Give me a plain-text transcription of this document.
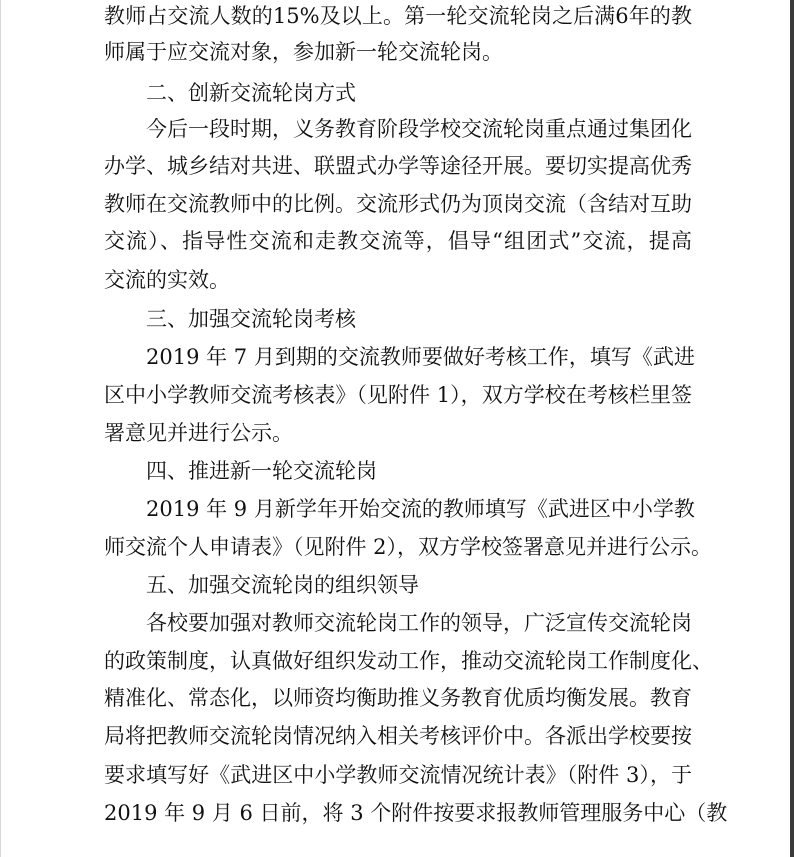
教师占交流人数的15%及以上。第一轮交流轮岗之后满6年的教
师属于应交流对象，参加新一轮交流轮岗。
二、创新交流轮岗方式
今后一段时期，义务教育阶段学校交流轮岗重点通过集团化
办学、城乡结对共进、联盟式办学等途径开展。要切实提高优秀
教师在交流教师中的比例。交流形式仍为顶岗交流（含结对互助
交流）、指导性交流和走教交流等，倡导“组团式”交流，提高
交流的实效。
三、加强交流轮岗考核
2019 年 7 月到期的交流教师要做好考核工作，填写《武进
区中小学教师交流考核表》（见附件 1），双方学校在考核栏里签
署意见并进行公示。
四、推进新一轮交流轮岗
2019 年 9 月新学年开始交流的教师填写《武进区中小学教
师交流个人申请表》（见附件 2），双方学校签署意见并进行公示。
五、加强交流轮岗的组织领导
各校要加强对教师交流轮岗工作的领导，广泛宣传交流轮岗
的政策制度，认真做好组织发动工作，推动交流轮岗工作制度化、
精准化、常态化，以师资均衡助推义务教育优质均衡发展。教育
局将把教师交流轮岗情况纳入相关考核评价中。各派出学校要按
要求填写好《武进区中小学教师交流情况统计表》（附件 3），于
2019 年 9 月 6 日前，将 3 个附件按要求报教师管理服务中心（教
